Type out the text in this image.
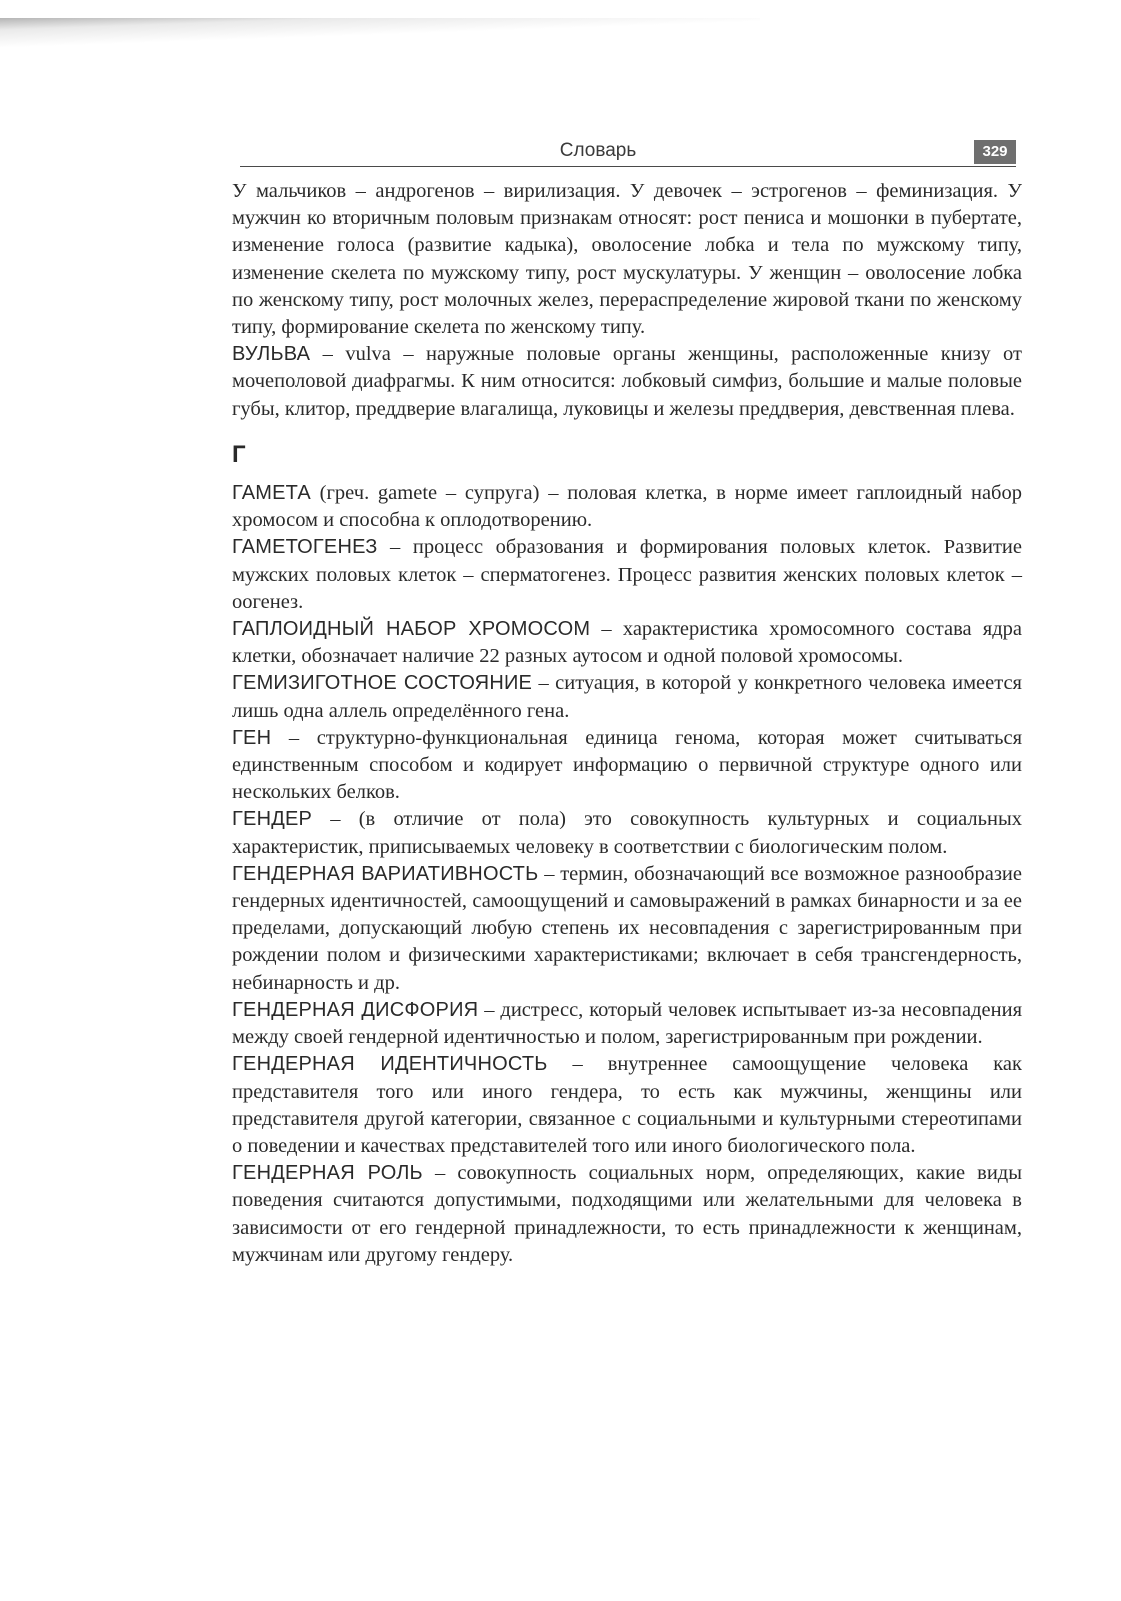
Словарь	329

У мальчиков – андрогенов – вирилизация. У девочек – эстрогенов – феминизация. У мужчин ко вторичным половым признакам относят: рост пениса и мошонки в пубертате, изменение голоса (развитие кадыка), оволосение лобка и тела по мужскому типу, изменение скелета по мужскому типу, рост мускулатуры. У женщин – оволосение лобка по женскому типу, рост молочных желез, перераспределение жировой ткани по женскому типу, формирование скелета по женскому типу.

ВУЛЬВА – vulva – наружные половые органы женщины, расположенные книзу от мочеполовой диафрагмы. К ним относится: лобковый симфиз, большие и малые половые губы, клитор, преддверие влагалища, луковицы и железы преддверия, девственная плева.

Г

ГАМЕТА (греч. gamete – супруга) – половая клетка, в норме имеет гаплоидный набор хромосом и способна к оплодотворению.

ГАМЕТОГЕНЕЗ – процесс образования и формирования половых клеток. Развитие мужских половых клеток – сперматогенез. Процесс развития женских половых клеток – оогенез.

ГАПЛОИДНЫЙ НАБОР ХРОМОСОМ – характеристика хромосомного состава ядра клетки, обозначает наличие 22 разных аутосом и одной половой хромосомы.

ГЕМИЗИГОТНОЕ СОСТОЯНИЕ – ситуация, в которой у конкретного человека имеется лишь одна аллель определённого гена.

ГЕН – структурно-функциональная единица генома, которая может считываться единственным способом и кодирует информацию о первичной структуре одного или нескольких белков.

ГЕНДЕР – (в отличие от пола) это совокупность культурных и социальных характеристик, приписываемых человеку в соответствии с биологическим полом.

ГЕНДЕРНАЯ ВАРИАТИВНОСТЬ – термин, обозначающий все возможное разнообразие гендерных идентичностей, самоощущений и самовыражений в рамках бинарности и за ее пределами, допускающий любую степень их несовпадения с зарегистрированным при рождении полом и физическими характеристиками; включает в себя трансгендерность, небинарность и др.

ГЕНДЕРНАЯ ДИСФОРИЯ – дистресс, который человек испытывает из-за несовпадения между своей гендерной идентичностью и полом, зарегистрированным при рождении.

ГЕНДЕРНАЯ ИДЕНТИЧНОСТЬ – внутреннее самоощущение человека как представителя того или иного гендера, то есть как мужчины, женщины или представителя другой категории, связанное с социальными и культурными стереотипами о поведении и качествах представителей того или иного биологического пола.

ГЕНДЕРНАЯ РОЛЬ – совокупность социальных норм, определяющих, какие виды поведения считаются допустимыми, подходящими или желательными для человека в зависимости от его гендерной принадлежности, то есть принадлежности к женщинам, мужчинам или другому гендеру.
